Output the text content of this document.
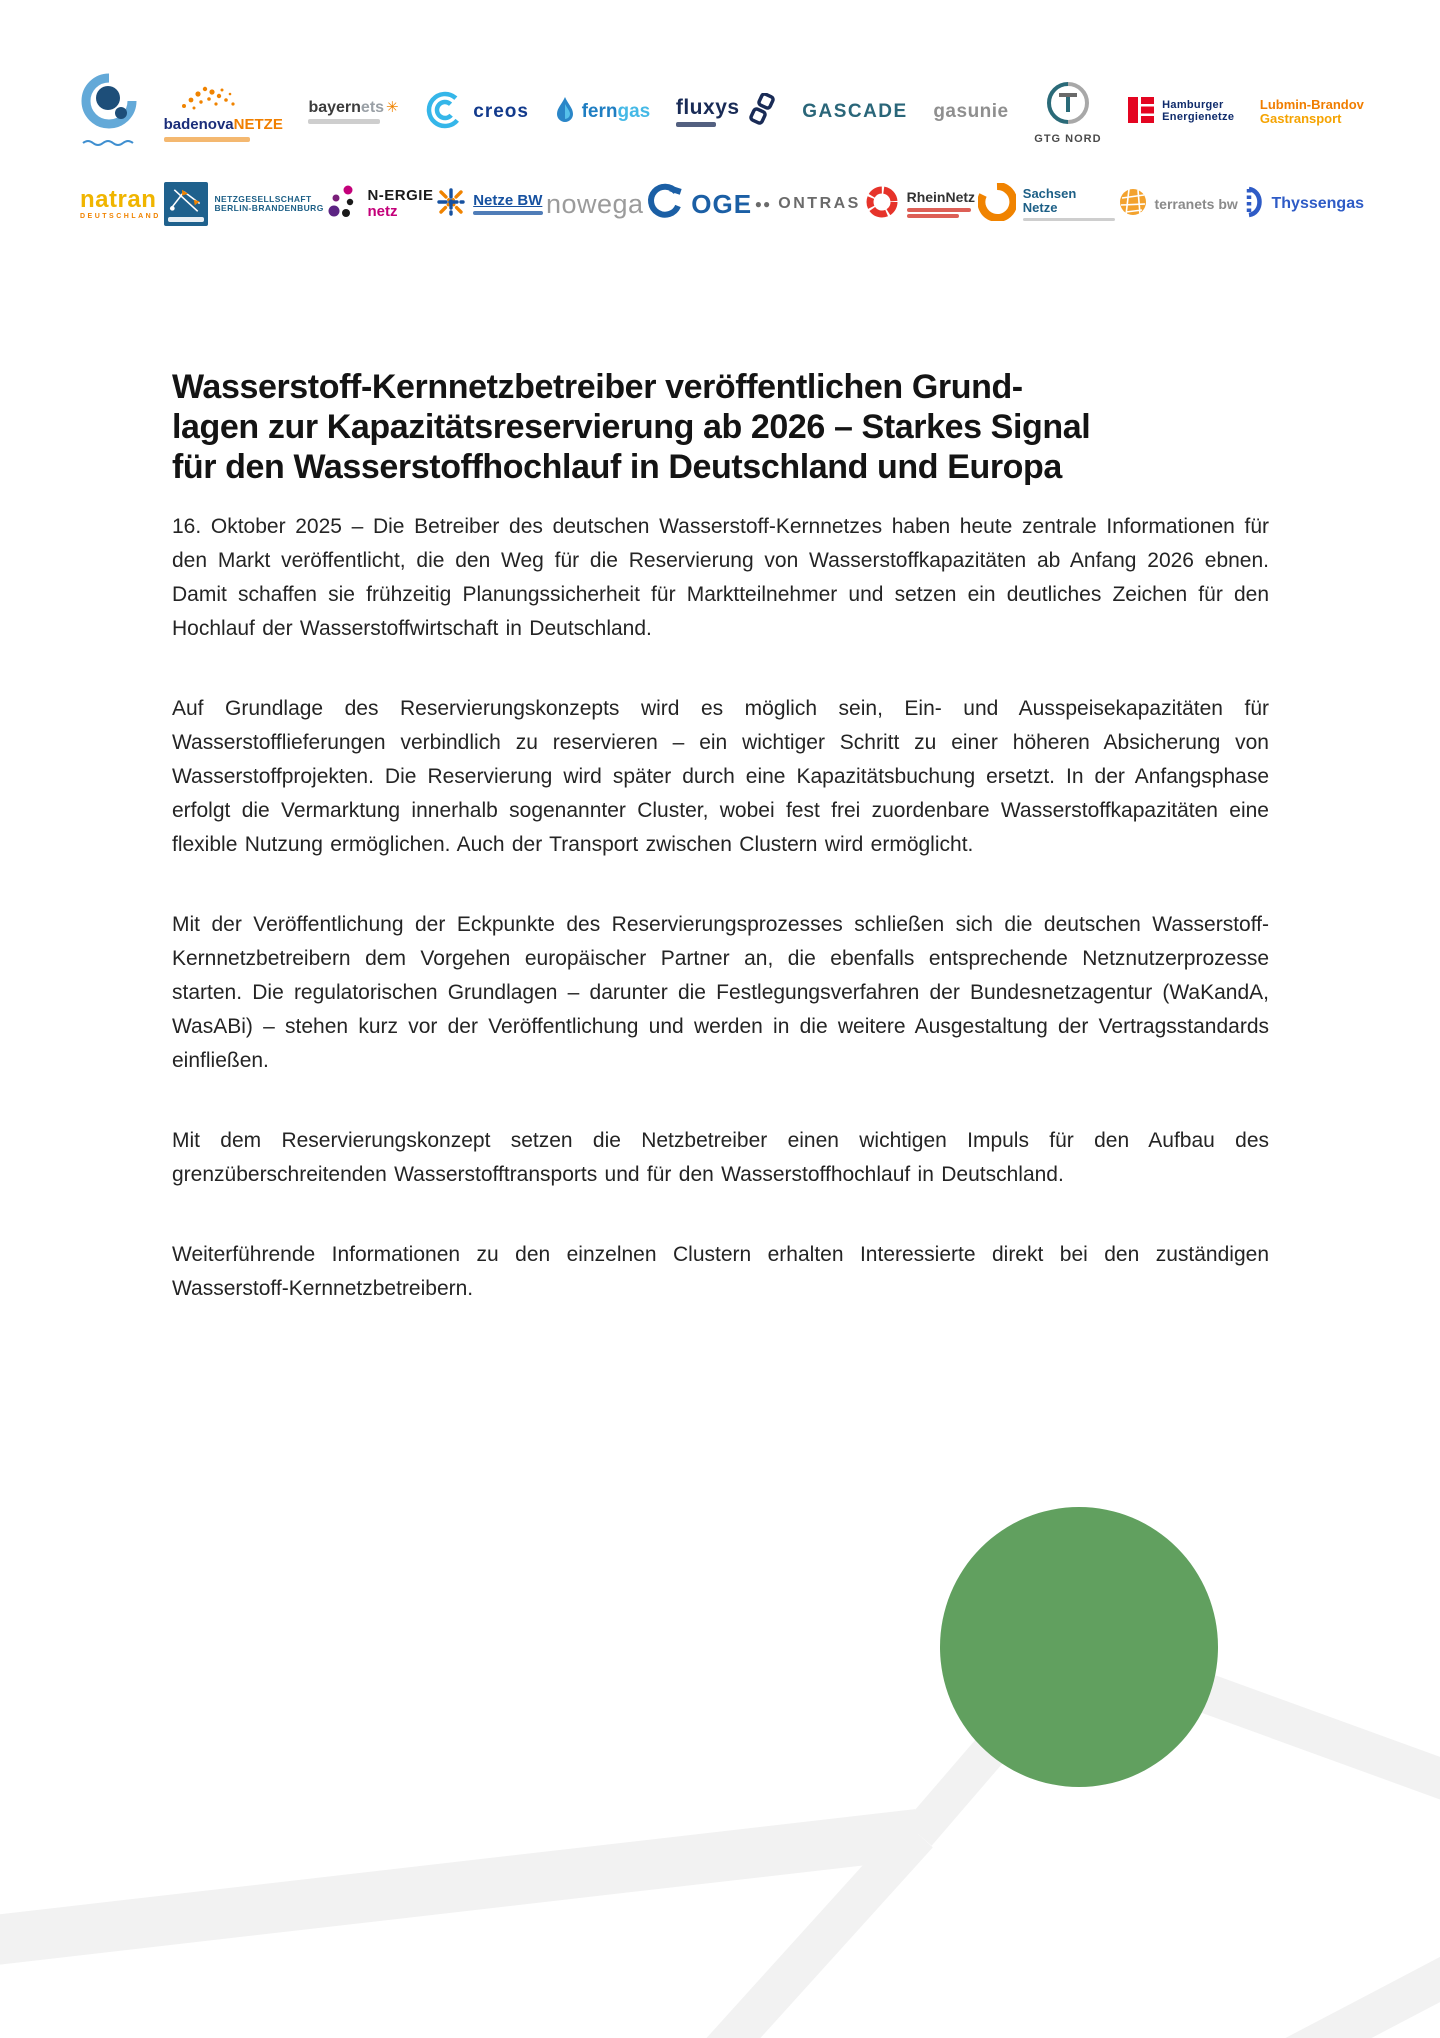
badenovaNETZE
bayernets ✳	creos	ferngas fluxys	GASCADE gasunie
GTG NORD
Hamburger
Energienetze
Lubmin-Brandov
Gastransport
natran
DEUTSCHLAND
NETZGESELLSCHAFT
BERLIN-BRANDENBURG
N-ERGIE
netz
Netze BW nowega OGE ●● ONTRAS	RheinNetz	Sachsen
Netze	terranets bw Thyssengas
Wasserstoff-Kernnetzbetreiber veröffentlichen Grund-
lagen zur Kapazitätsreservierung ab 2026 – Starkes Signal
für den Wasserstoffhochlauf in Deutschland und Europa

16. Oktober 2025 – Die Betreiber des deutschen Wasserstoff-Kernnetzes haben heute zentrale Informationen für den Markt veröffentlicht, die den Weg für die Reservierung von Wasserstoffkapazitäten ab Anfang 2026 ebnen. Damit schaffen sie frühzeitig Planungssicherheit für Marktteilnehmer und setzen ein deutliches Zeichen für den Hochlauf der Wasserstoffwirtschaft in Deutschland.

Auf Grundlage des Reservierungskonzepts wird es möglich sein, Ein- und Ausspeisekapazitäten für Wasserstofflieferungen verbindlich zu reservieren – ein wichtiger Schritt zu einer höheren Absicherung von Wasserstoffprojekten. Die Reservierung wird später durch eine Kapazitätsbuchung ersetzt. In der Anfangsphase erfolgt die Vermarktung innerhalb sogenannter Cluster, wobei fest frei zuordenbare Wasserstoffkapazitäten eine flexible Nutzung ermöglichen. Auch der Transport zwischen Clustern wird ermöglicht.

Mit der Veröffentlichung der Eckpunkte des Reservierungsprozesses schließen sich die deutschen Wasserstoff-Kernnetzbetreibern dem Vorgehen europäischer Partner an, die ebenfalls entsprechende Netznutzerprozesse starten. Die regulatorischen Grundlagen – darunter die Festlegungsverfahren der Bundesnetzagentur (WaKandA, WasABi) – stehen kurz vor der Veröffentlichung und werden in die weitere Ausgestaltung der Vertragsstandards einfließen.

Mit dem Reservierungskonzept setzen die Netzbetreiber einen wichtigen Impuls für den Aufbau des grenzüberschreitenden Wasserstofftransports und für den Wasserstoffhochlauf in Deutschland.

Weiterführende Informationen zu den einzelnen Clustern erhalten Interessierte direkt bei den zuständigen Wasserstoff-Kernnetzbetreibern.
